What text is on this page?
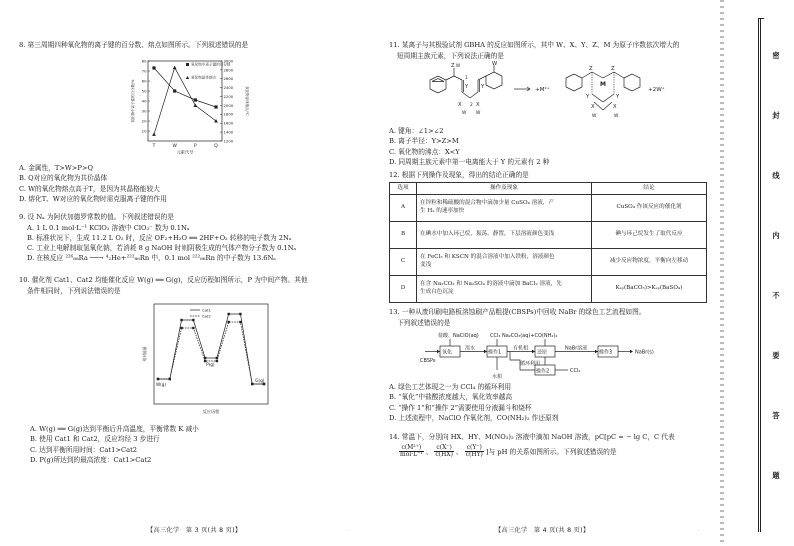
8. 第三周期四种氧化物的离子键的百分数、熔点如图所示。下列叙述错误的是
10
20
30
40
50
60
70
80
1200
1400
1600
1800
2000
2200
2400
2600
2800
3000
T	W	P	Q
元素代号
氧化物中离子键的百分数/%	氧化物晶体熔点/℃
氧化物中离子键的百分数
氧化物晶体熔点
A. 金属性，T>W>P>Q
B. Q对应的氧化物为共价晶体
C. W的氧化物熔点高于T，是因为其晶格能较大
D. 熔化T、W对应的氧化物时需克服离子键的作用
9. 设 Nₐ 为阿伏加德罗常数的值。下列叙述错误的是
A. 1 L 0.1 mol·L⁻¹ KClO₃ 溶液中 ClO₃⁻ 数为 0.1Nₐ
B. 标准状况下，生成 11.2 L O₂ 时，反应 OF₂+H₂O ══ 2HF+O₂ 转移的电子数为 2Nₐ
C. 工业上电解制取氢氧化钠，若消耗 8 g NaOH 时则阴极生成的气体产物分子数为 0.1Nₐ
D. 在核反应 ²²⁶₈₈Ra ──→ ⁴₂He+²²²₈₆Rn 中，0.1 mol ²²²₈₆Rn 的中子数为 13.6Nₐ
10. 催化剂 Cat1、Cat2 均能催化反应 W(g) ══ G(g)，反应历程如图所示，P 为中间产物。其他
条件相同时，下列说法错误的是
相对能量
反应历程
Cat1
Cat2
W(g)
P(g)
G(g)
A. W(g) ══ G(g)达到平衡后升高温度，平衡常数 K 减小
B. 使用 Cat1 和 Cat2，反应均经 3 步进行
C. 达到平衡所用时间：Cat1>Cat2
D. P(g)所达到的最高浓度：Cat1>Cat2
【高三化学　第 3 页(共 8 页)】	·
11. 某离子与其极验试剂 GBHA 的反应如图所示，其中 W、X、Y、Z、M 为原子序数依次增大的
短周期主族元素，下列说法正确的是
Z W	W
Y Y
1
2
X	X
W W
+M²⁺
Z	Z
M
Y	Y
X	X
W	W
+2W⁺
A. 键角：∠1>∠2
B. 离子半径：Y>Z>M
C. 氧化物的沸点：X<Y
D. 同周期主族元素中第一电离能大于 Y 的元素有 2 种
12. 根据下列操作及现象，得出的结论正确的是
选项	操作及现象	结论
A	在锌粒和稀硫酸的混合物中滴加少量 CuSO₄ 溶液，产
生 H₂ 的速率加快	CuSO₄ 作该反应的催化剂

B	在碘水中加入环己烷，振荡，静置，下层溶液颜色变浅	碘与环己烷发生了取代反应

C	在 FeCl₃ 和 KSCN 的混合溶液中加入铁粉，溶液颜色
变浅	减少反应物浓度，平衡向左移动

D	在含 Na₂CO₃ 和 Na₂SO₄ 的溶液中滴加 BaCl₂ 溶液，先
生成白色沉淀	Kₛₚ(BaCO₃)>Kₛₚ(BaSO₄)
13. 一种从废印刷电路板溶蚀刷产品粗提(CBSPs)中回收 NaBr 的绿色工艺流程如图。
下列叙述错误的是
盐酸、NaClO(aq) CCl₄ Na₂CO₃(aq)+CO(NH₂)₂
CBSPs
氧化
溴水
操作1
有机相
还原
NaBr溶液
操作3	NaBr(s)
水相
循环利用
操作2	CCl₄
A. 绿色工艺体现之一为 CCl₄ 的循环利用
B. “氧化”中盐酸浓度越大，氧化效率越高
C. “操作 1”和“操作 2”需要使用分液漏斗和烧杯
D. 上述流程中，NaClO 作氧化剂，CO(NH₂)₂ 作还原剂
14. 常温下，分别向 HX、HY、M(NO₃)₂ 溶液中滴加 NaOH 溶液，pC[pC = − lg C，C 代表
$\frac{\text{c(M²⁺)}}{\text{mol·L⁻¹}}$ 、 $\frac{c(X^-)}{c(HX)}$ 、 $\frac{c(Y^-)}{c(HY)}$ ]与 pH 的关系如图所示。下列叙述错误的是
【高三化学　第 4 页(共 8 页)】	·
密
封
线
内
不
要
答
题
